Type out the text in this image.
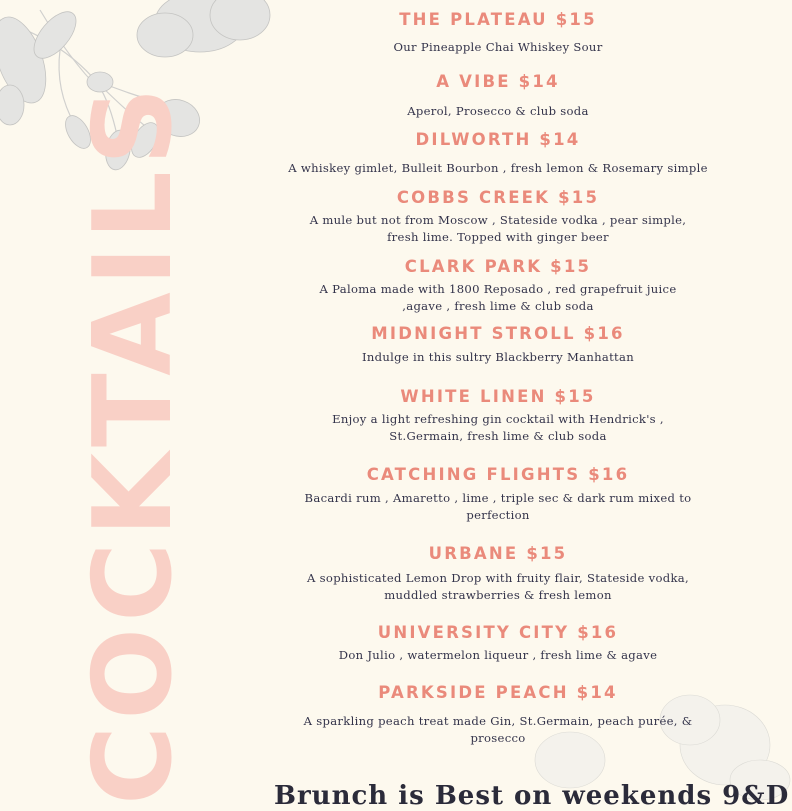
COCKTAILS
THE PLATEAU $15
Our Pineapple Chai Whiskey Sour
A VIBE $14
Aperol, Prosecco & club soda
DILWORTH $14
A whiskey gimlet, Bulleit Bourbon , fresh lemon & Rosemary simple
COBBS CREEK $15
A mule but not from Moscow , Stateside vodka , pear simple, fresh lime. Topped with ginger beer
CLARK PARK $15
A Paloma made with 1800 Reposado , red grapefruit juice ,agave , fresh lime & club soda
MIDNIGHT STROLL $16
Indulge in this sultry Blackberry Manhattan
WHITE LINEN $15
Enjoy a light refreshing gin cocktail with Hendrick's , St.Germain, fresh lime & club soda
CATCHING FLIGHTS $16
Bacardi rum , Amaretto , lime , triple sec & dark rum mixed to perfection
URBANE $15
A sophisticated Lemon Drop with fruity flair, Stateside vodka, muddled strawberries & fresh lemon
UNIVERSITY CITY $16
Don Julio , watermelon liqueur , fresh lime & agave
PARKSIDE PEACH $14
A sparkling peach treat made Gin, St.Germain, peach purée, & prosecco
Brunch is Best on weekends 9&D
